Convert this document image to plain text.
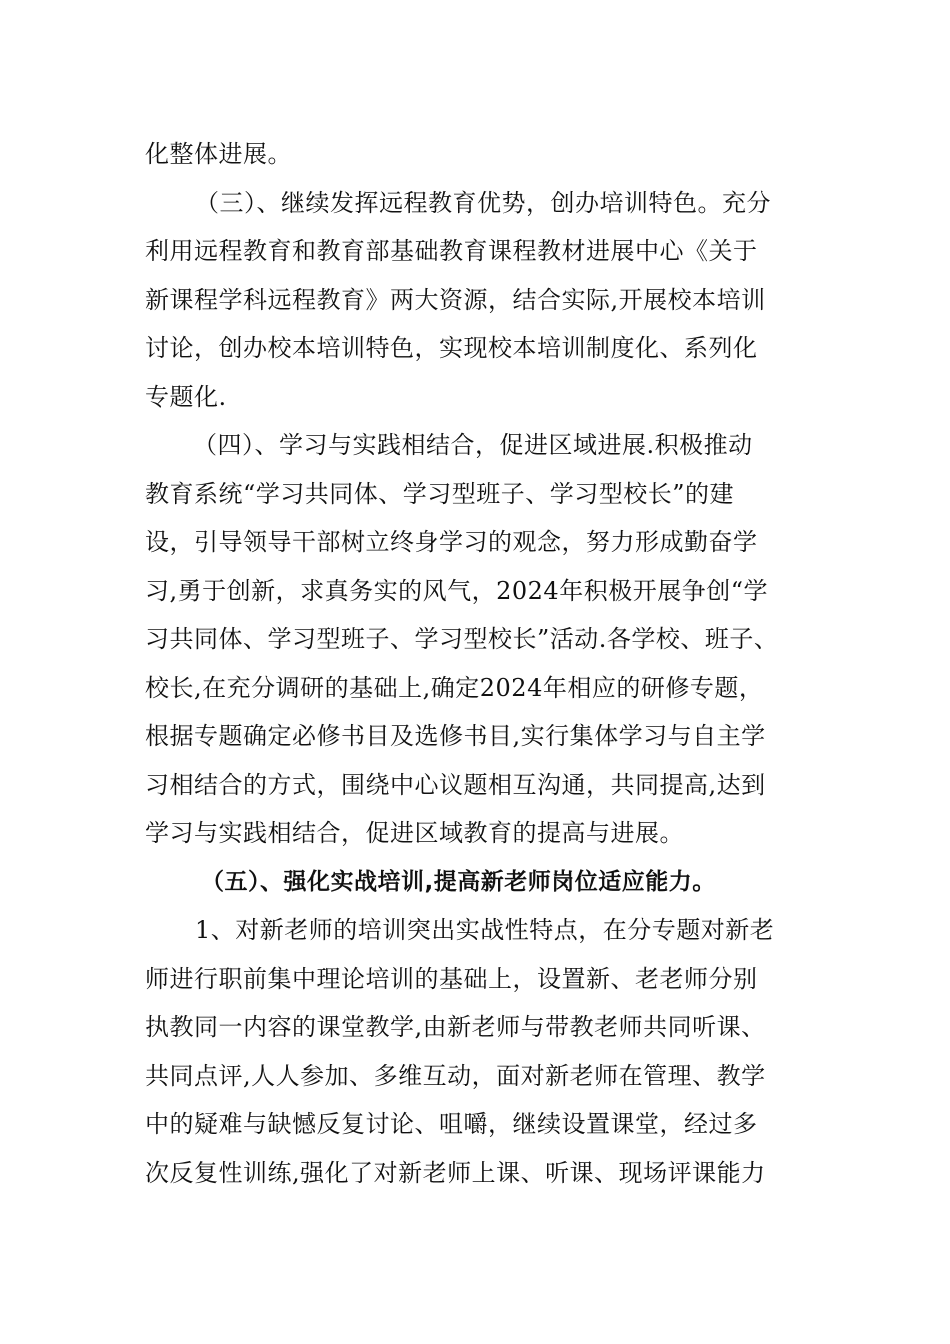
化整体进展。
（三）、继续发挥远程教育优势，创办培训特色。充分
利用远程教育和教育部基础教育课程教材进展中心《关于
新课程学科远程教育》两大资源，结合实际,开展校本培训
讨论，创办校本培训特色，实现校本培训制度化、系列化
专题化.
（四）、学习与实践相结合，促进区域进展.积极推动
教育系统“学习共同体、学习型班子、学习型校长”的建
设，引导领导干部树立终身学习的观念，努力形成勤奋学
习,勇于创新，求真务实的风气，2024年积极开展争创“学
习共同体、学习型班子、学习型校长”活动.各学校、班子、
校长,在充分调研的基础上,确定2024年相应的研修专题，
根据专题确定必修书目及选修书目,实行集体学习与自主学
习相结合的方式，围绕中心议题相互沟通，共同提高,达到
学习与实践相结合，促进区域教育的提高与进展。
（五）、强化实战培训,提高新老师岗位适应能力。
1、对新老师的培训突出实战性特点，在分专题对新老
师进行职前集中理论培训的基础上，设置新、老老师分别
执教同一内容的课堂教学,由新老师与带教老师共同听课、
共同点评,人人参加、多维互动，面对新老师在管理、教学
中的疑难与缺憾反复讨论、咀嚼，继续设置课堂，经过多
次反复性训练,强化了对新老师上课、听课、现场评课能力
